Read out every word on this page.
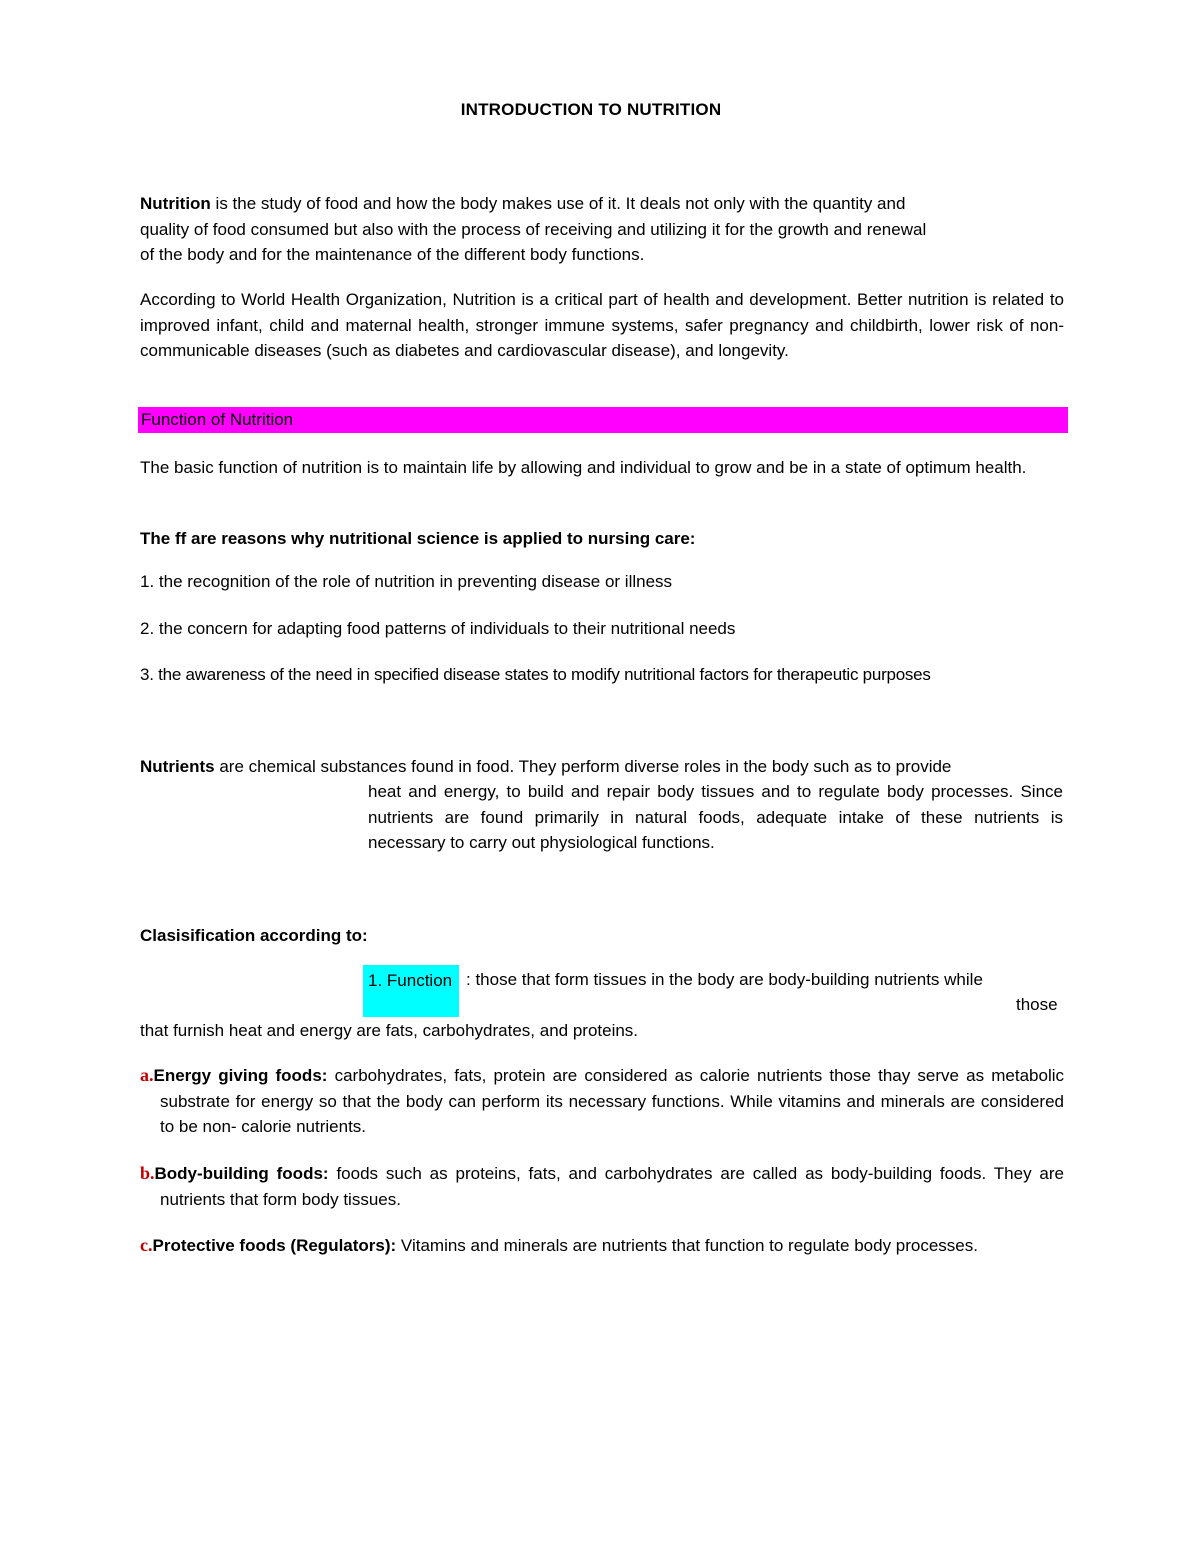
INTRODUCTION TO NUTRITION
Nutrition is the study of food and how the body makes use of it. It deals not only with the quantity and
quality of food consumed but also with the process of receiving and utilizing it for the growth and renewal
of the body and for the maintenance of the different body functions.
According to World Health Organization, Nutrition is a critical part of health and development. Better nutrition is related to improved infant, child and maternal health, stronger immune systems, safer pregnancy and childbirth, lower risk of non-communicable diseases (such as diabetes and cardiovascular disease), and longevity.
Function of Nutrition
The basic function of nutrition is to maintain life by allowing and individual to grow and be in a state of optimum health.
The ff are reasons why nutritional science is applied to nursing care:
1. the recognition of the role of nutrition in preventing disease or illness
2. the concern for adapting food patterns of individuals to their nutritional needs
3. the awareness of the need in specified disease states to modify nutritional factors for therapeutic purposes
Nutrients are chemical substances found in food. They perform diverse roles in the body such as to provide
heat and energy, to build and repair body tissues and to regulate body processes. Since nutrients are found primarily in natural foods, adequate intake of these nutrients is necessary to carry out physiological functions.
Clasisification according to:
1. Function : those that form tissues in the body are body-building nutrients while
those
that furnish heat and energy are fats, carbohydrates, and proteins.
a.Energy giving foods: carbohydrates, fats, protein are considered as calorie nutrients those thay serve as metabolic substrate for energy so that the body can perform its necessary functions. While vitamins and minerals are considered to be non- calorie nutrients.
b.Body-building foods: foods such as proteins, fats, and carbohydrates are called as body-building foods. They are nutrients that form body tissues.
c.Protective foods (Regulators): Vitamins and minerals are nutrients that function to regulate body processes.
